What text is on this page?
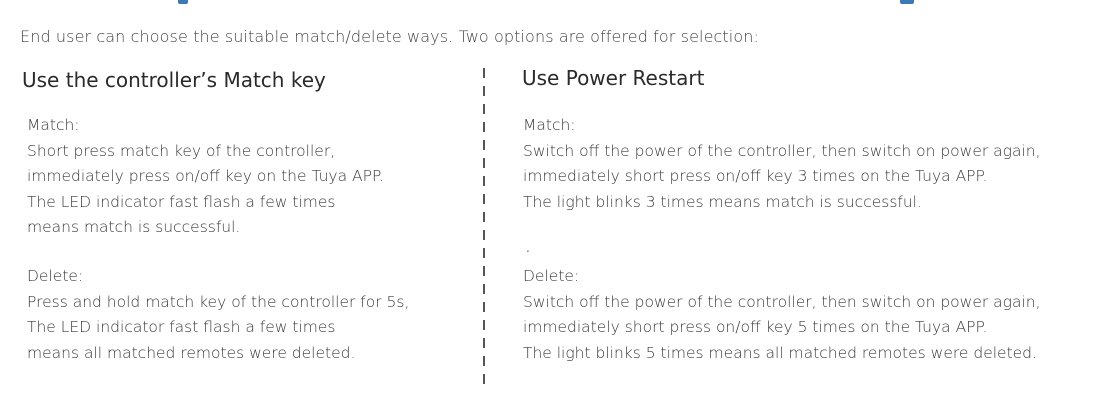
End user can choose the suitable match/delete ways. Two options are offered for selection:
Use the controller’s Match key	Use Power Restart
Match:
Short press match key of the controller,
immediately press on/off key on the Tuya APP.
The LED indicator fast flash a few times
means match is successful.
Delete:
Press and hold match key of the controller for 5s,
The LED indicator fast flash a few times
means all matched remotes were deleted.
Match:
Switch off the power of the controller, then switch on power again,
immediately short press on/off key 3 times on the Tuya APP.
The light blinks 3 times means match is successful.
.
Delete:
Switch off the power of the controller, then switch on power again,
immediately short press on/off key 5 times on the Tuya APP.
The light blinks 5 times means all matched remotes were deleted.
